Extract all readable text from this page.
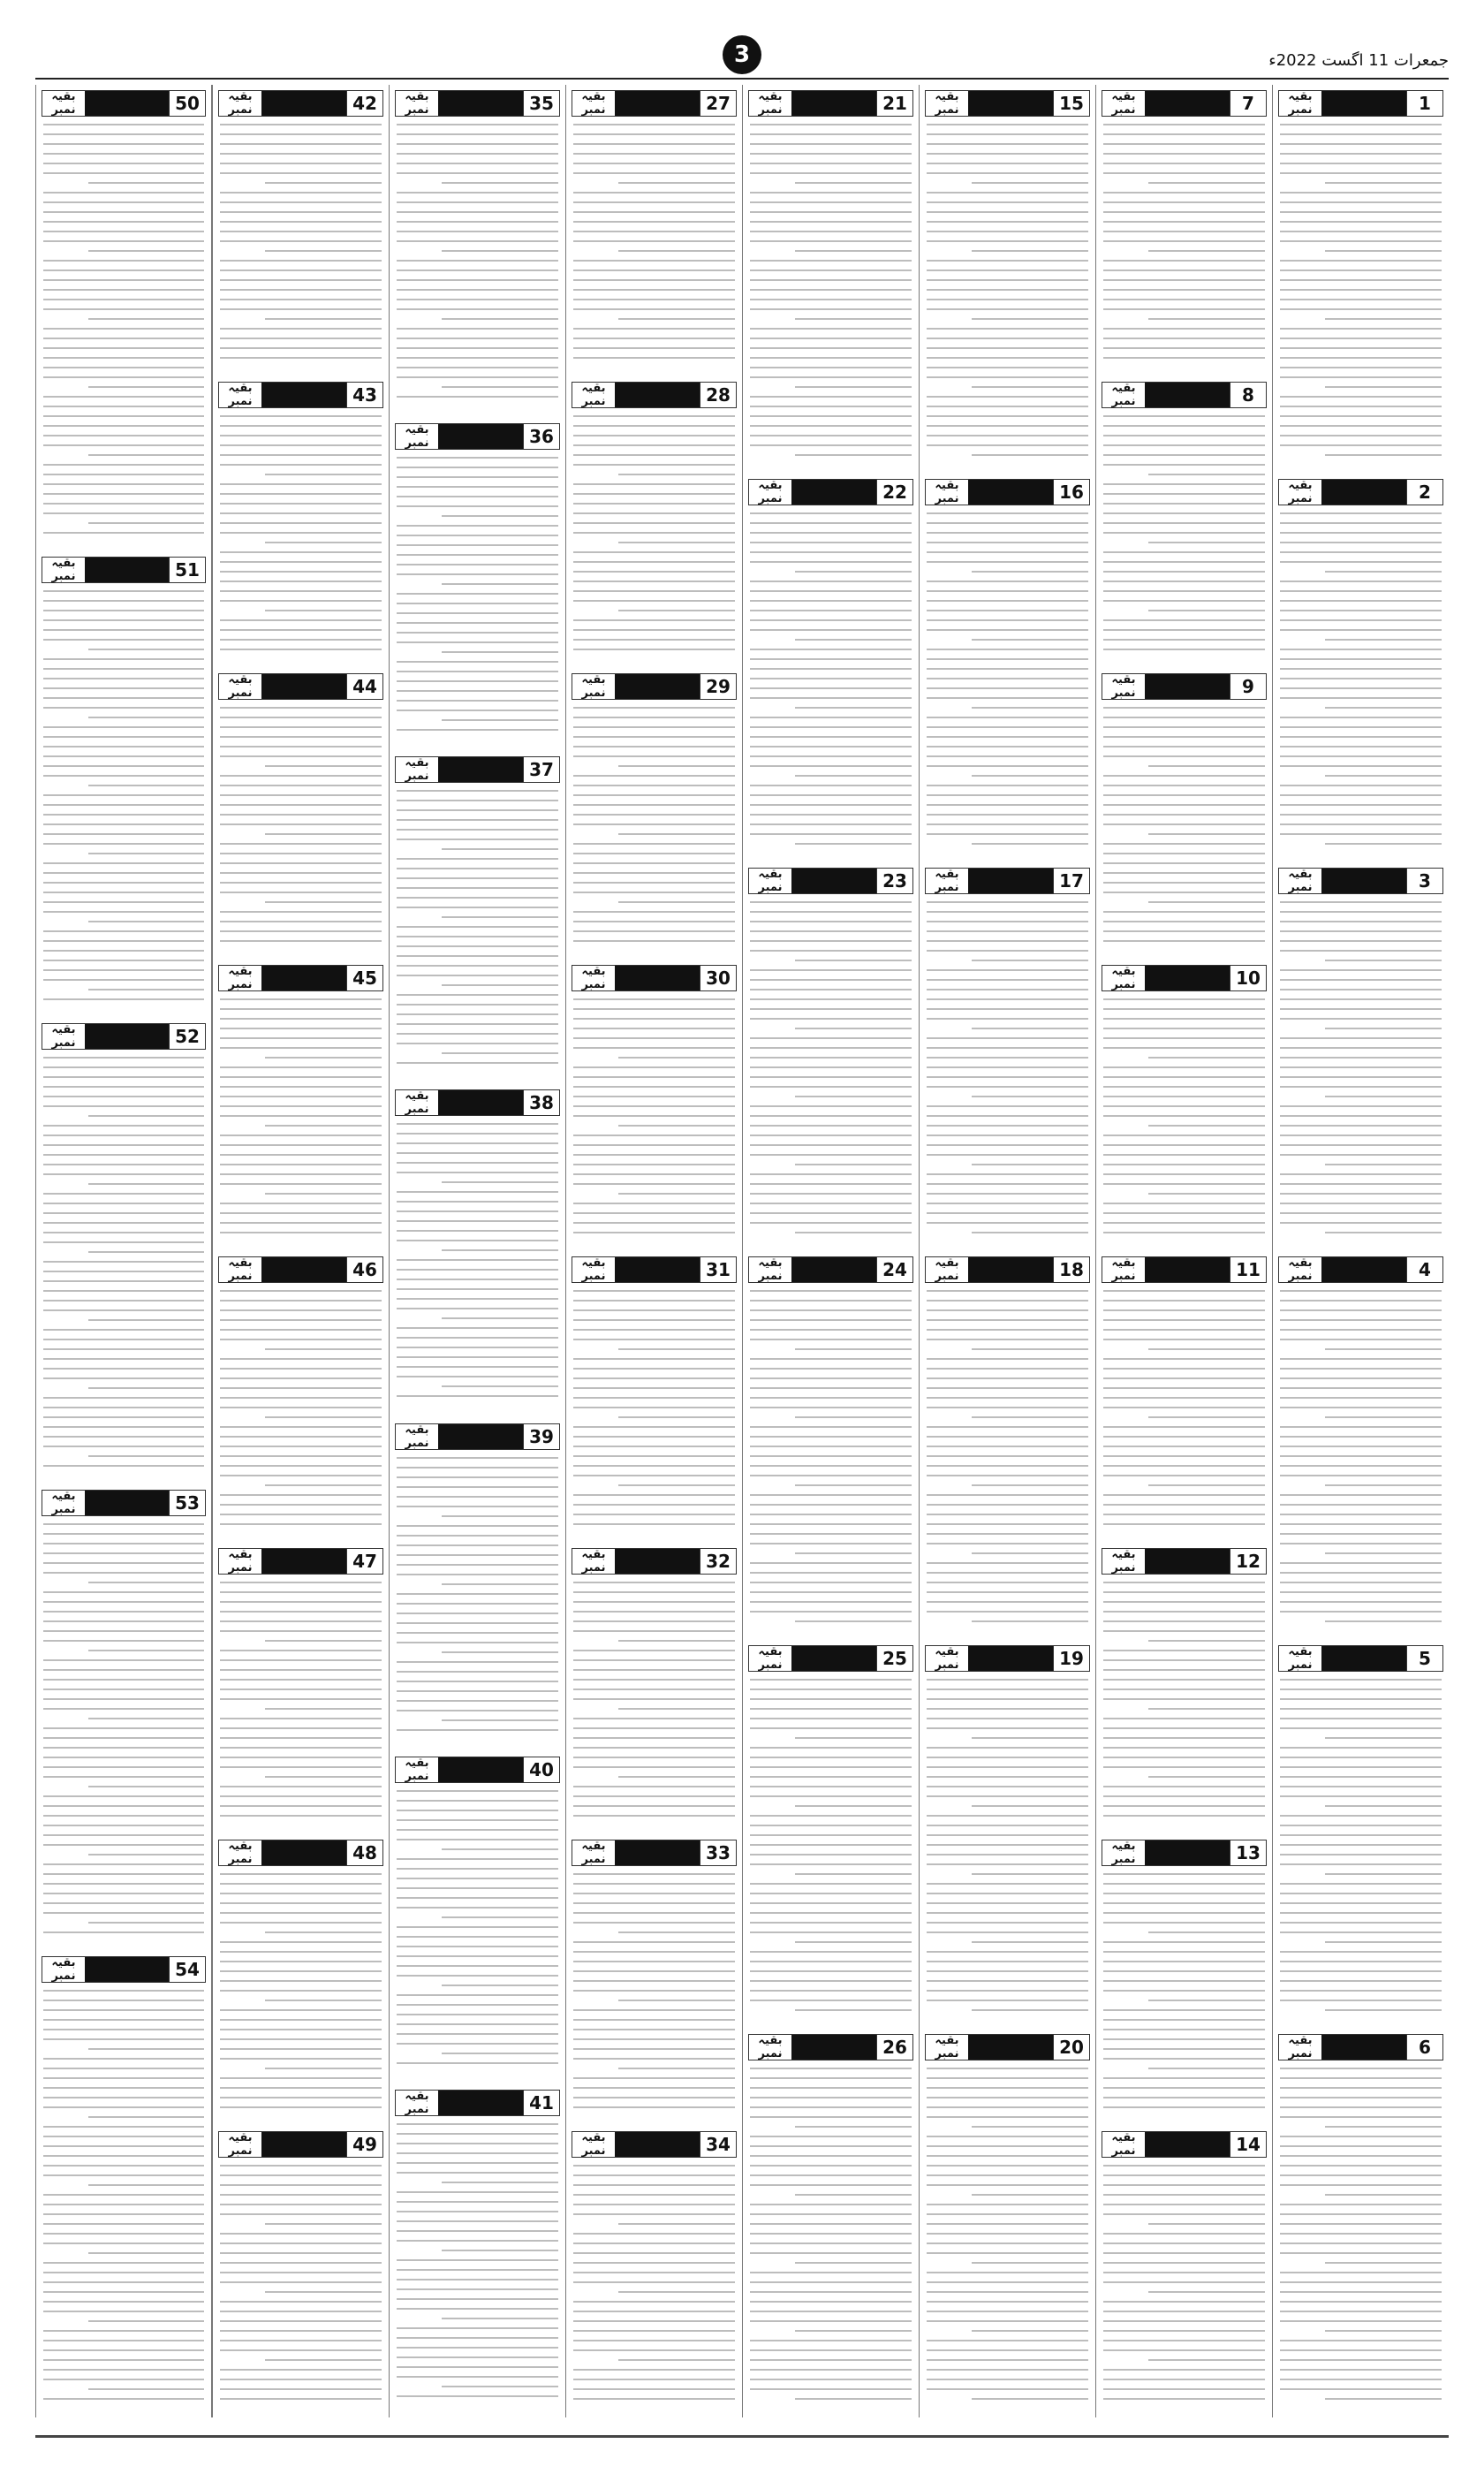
3	جمعرات 11 اگست 2022ء
1
بقیہ نمبر
2
بقیہ نمبر
3
بقیہ نمبر
4
بقیہ نمبر
5
بقیہ نمبر
6
بقیہ نمبر
7
بقیہ نمبر
8
بقیہ نمبر
9
بقیہ نمبر
10
بقیہ نمبر
11
بقیہ نمبر
12
بقیہ نمبر
13
بقیہ نمبر
14
بقیہ نمبر
15
بقیہ نمبر
16
بقیہ نمبر
17
بقیہ نمبر
18
بقیہ نمبر
19
بقیہ نمبر
20
بقیہ نمبر
21
بقیہ نمبر
22
بقیہ نمبر
23
بقیہ نمبر
24
بقیہ نمبر
25
بقیہ نمبر
26
بقیہ نمبر
27
بقیہ نمبر
28
بقیہ نمبر
29
بقیہ نمبر
30
بقیہ نمبر
31
بقیہ نمبر
32
بقیہ نمبر
33
بقیہ نمبر
34
بقیہ نمبر
35
بقیہ نمبر
36
بقیہ نمبر
37
بقیہ نمبر
38
بقیہ نمبر
39
بقیہ نمبر
40
بقیہ نمبر
41
بقیہ نمبر
42
بقیہ نمبر
43
بقیہ نمبر
44
بقیہ نمبر
45
بقیہ نمبر
46
بقیہ نمبر
47
بقیہ نمبر
48
بقیہ نمبر
49
بقیہ نمبر
50
بقیہ نمبر
51
بقیہ نمبر
52
بقیہ نمبر
53
بقیہ نمبر
54
بقیہ نمبر
